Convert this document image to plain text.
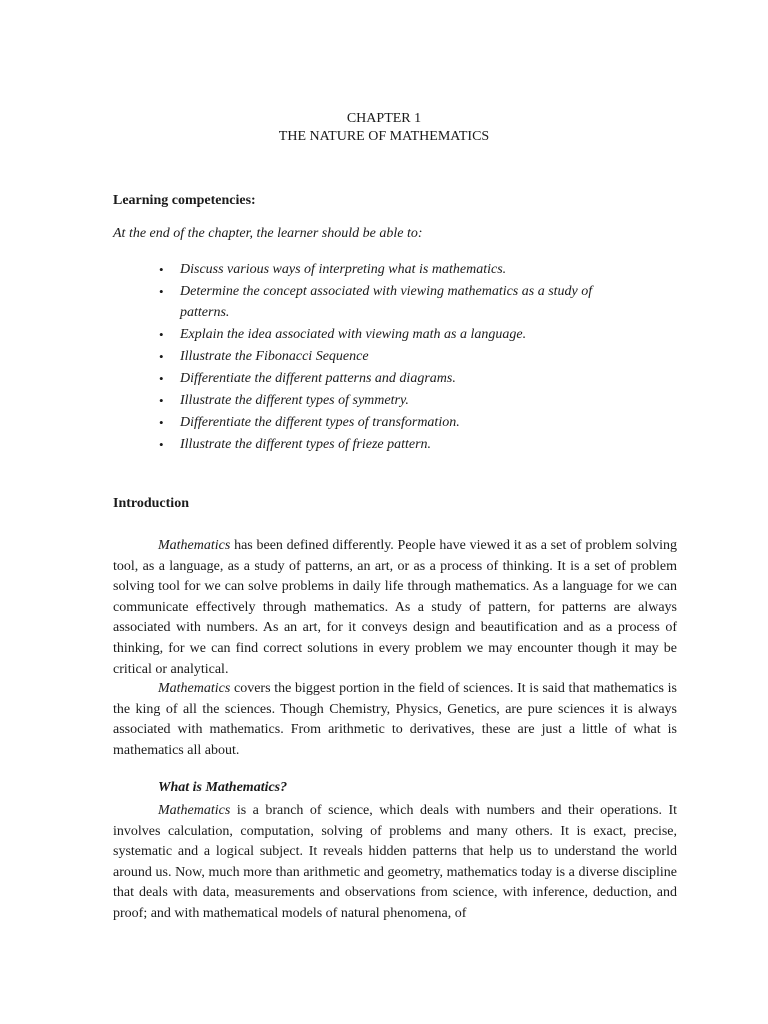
CHAPTER 1
THE NATURE OF MATHEMATICS
Learning competencies:
At the end of the chapter, the learner should be able to:
• Discuss various ways of interpreting what is mathematics.
• Determine the concept associated with viewing mathematics as a study of patterns.
• Explain the idea associated with viewing math as a language.
• Illustrate the Fibonacci Sequence
• Differentiate the different patterns and diagrams.
• Illustrate the different types of symmetry.
• Differentiate the different types of transformation.
• Illustrate the different types of frieze pattern.
Introduction

Mathematics has been defined differently. People have viewed it as a set of problem solving tool, as a language, as a study of patterns, an art, or as a process of thinking. It is a set of problem solving tool for we can solve problems in daily life through mathematics. As a language for we can communicate effectively through mathematics. As a study of pattern, for patterns are always associated with numbers. As an art, for it conveys design and beautification and as a process of thinking, for we can find correct solutions in every problem we may encounter though it may be critical or analytical.

Mathematics covers the biggest portion in the field of sciences. It is said that mathematics is the king of all the sciences. Though Chemistry, Physics, Genetics, are pure sciences it is always associated with mathematics. From arithmetic to derivatives, these are just a little of what is mathematics all about.

What is Mathematics?

Mathematics is a branch of science, which deals with numbers and their operations. It involves calculation, computation, solving of problems and many others. It is exact, precise, systematic and a logical subject. It reveals hidden patterns that help us to understand the world around us. Now, much more than arithmetic and geometry, mathematics today is a diverse discipline that deals with data, measurements and observations from science, with inference, deduction, and proof; and with mathematical models of natural phenomena, of
